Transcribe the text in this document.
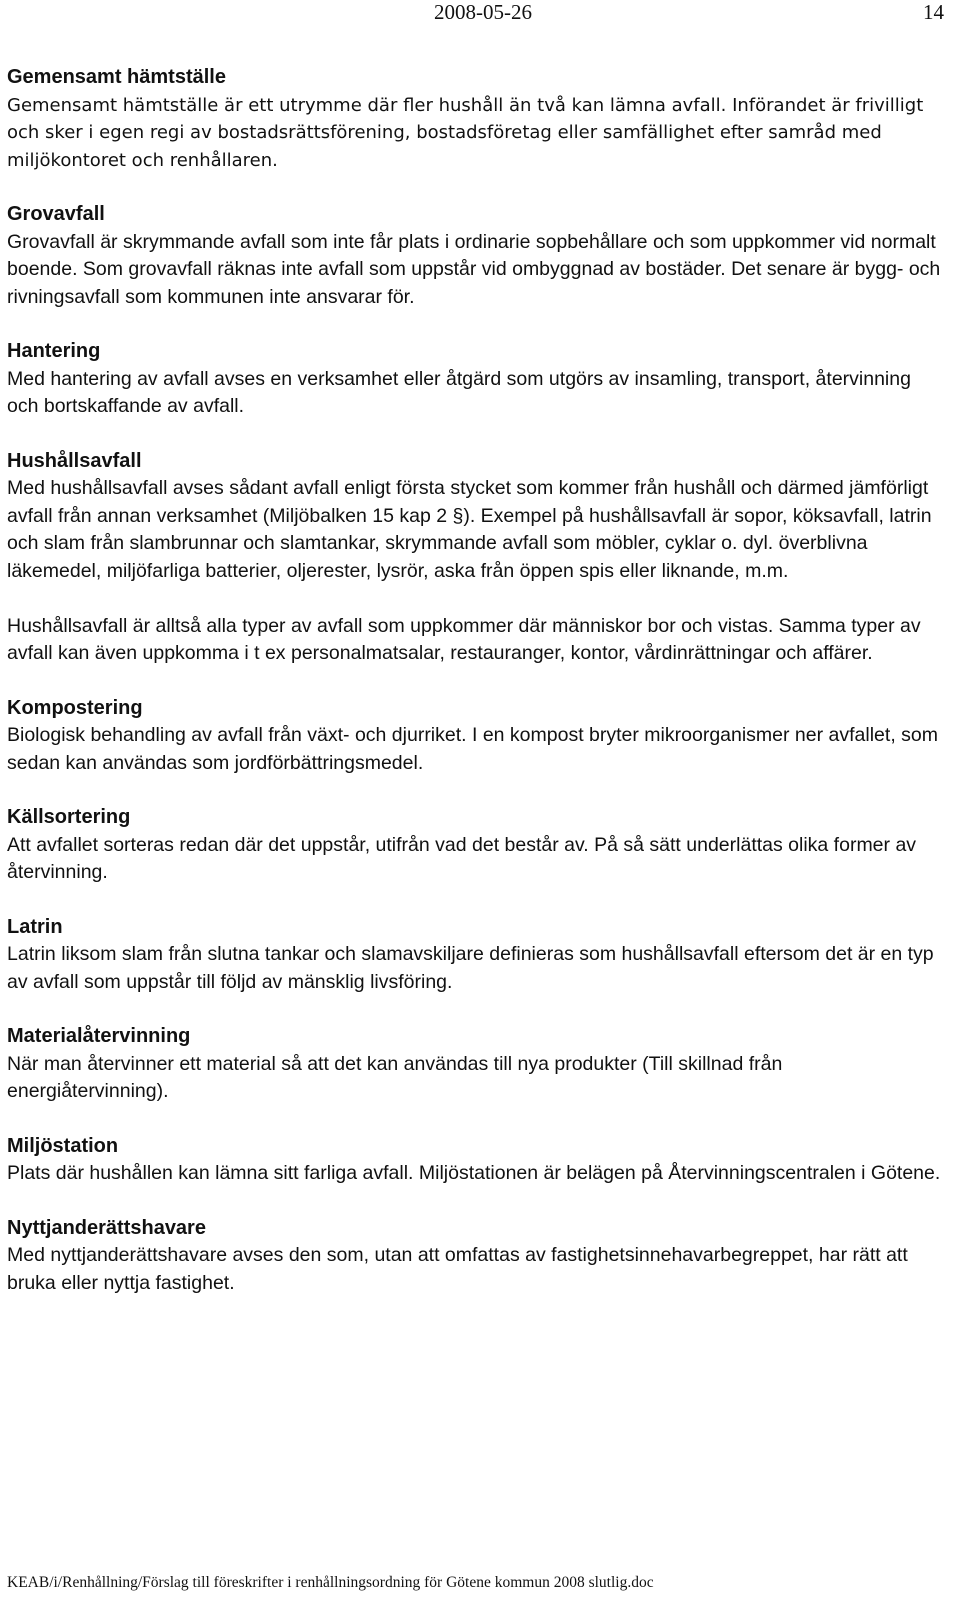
2008-05-26	14
Gemensamt hämtställe

Gemensamt hämtställe är ett utrymme där fler hushåll än två kan lämna avfall. Införandet är frivilligt och sker i egen regi av bostadsrättsförening, bostadsföretag eller samfällighet efter samråd med miljökontoret och renhållaren.

Grovavfall

Grovavfall är skrymmande avfall som inte får plats i ordinarie sopbehållare och som uppkommer vid normalt boende. Som grovavfall räknas inte avfall som uppstår vid ombyggnad av bostäder. Det senare är bygg- och rivningsavfall som kommunen inte ansvarar för.

Hantering

Med hantering av avfall avses en verksamhet eller åtgärd som utgörs av insamling, transport, återvinning och bortskaffande av avfall.

Hushållsavfall

Med hushållsavfall avses sådant avfall enligt första stycket som kommer från hushåll och därmed jämförligt avfall från annan verksamhet (Miljöbalken 15 kap 2 §). Exempel på hushållsavfall är sopor, köksavfall, latrin och slam från slambrunnar och slamtankar, skrymmande avfall som möbler, cyklar o. dyl. överblivna läkemedel, miljöfarliga batterier, oljerester, lysrör, aska från öppen spis eller liknande, m.m.

Hushållsavfall är alltså alla typer av avfall som uppkommer där människor bor och vistas. Samma typer av avfall kan även uppkomma i t ex personalmatsalar, restauranger, kontor, vårdinrättningar och affärer.

Kompostering

Biologisk behandling av avfall från växt- och djurriket. I en kompost bryter mikroorganismer ner avfallet, som sedan kan användas som jordförbättringsmedel.

Källsortering

Att avfallet sorteras redan där det uppstår, utifrån vad det består av. På så sätt underlättas olika former av återvinning.

Latrin

Latrin liksom slam från slutna tankar och slamavskiljare definieras som hushållsavfall eftersom det är en typ av avfall som uppstår till följd av mänsklig livsföring.

Materialåtervinning

När man återvinner ett material så att det kan användas till nya produkter (Till skillnad från energiåtervinning).

Miljöstation

Plats där hushållen kan lämna sitt farliga avfall. Miljöstationen är belägen på Återvinningscentralen i Götene.

Nyttjanderättshavare

Med nyttjanderättshavare avses den som, utan att omfattas av fastighetsinnehavarbegreppet, har rätt att bruka eller nyttja fastighet.

KEAB/i/Renhållning/Förslag till föreskrifter i renhållningsordning för Götene kommun 2008 slutlig.doc
